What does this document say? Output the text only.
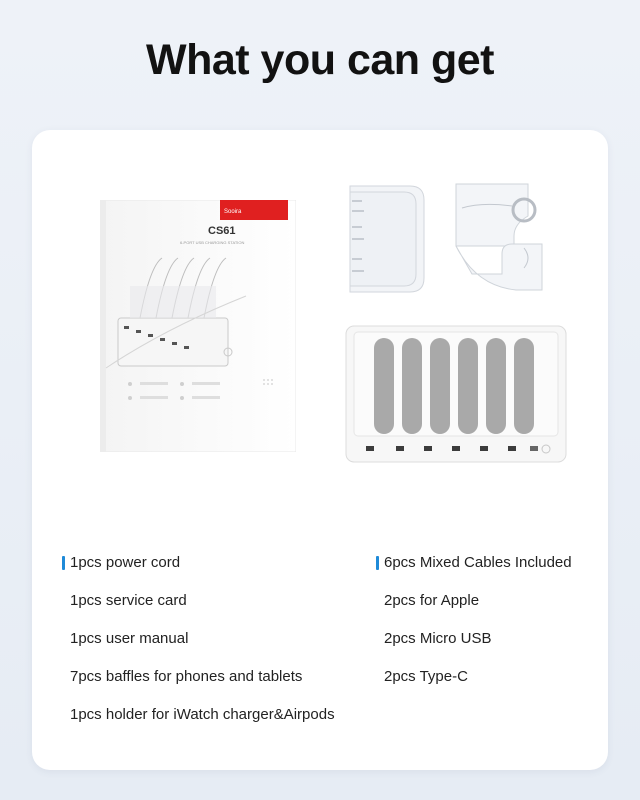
What you can get
CS61
6-PORT USB CHARGING STATION
Sooira
1pcs power cord
1pcs service card
1pcs user manual
7pcs baffles for phones and tablets
1pcs holder for iWatch charger&Airpods
6pcs Mixed Cables Included
2pcs for Apple
2pcs Micro USB
2pcs Type-C
